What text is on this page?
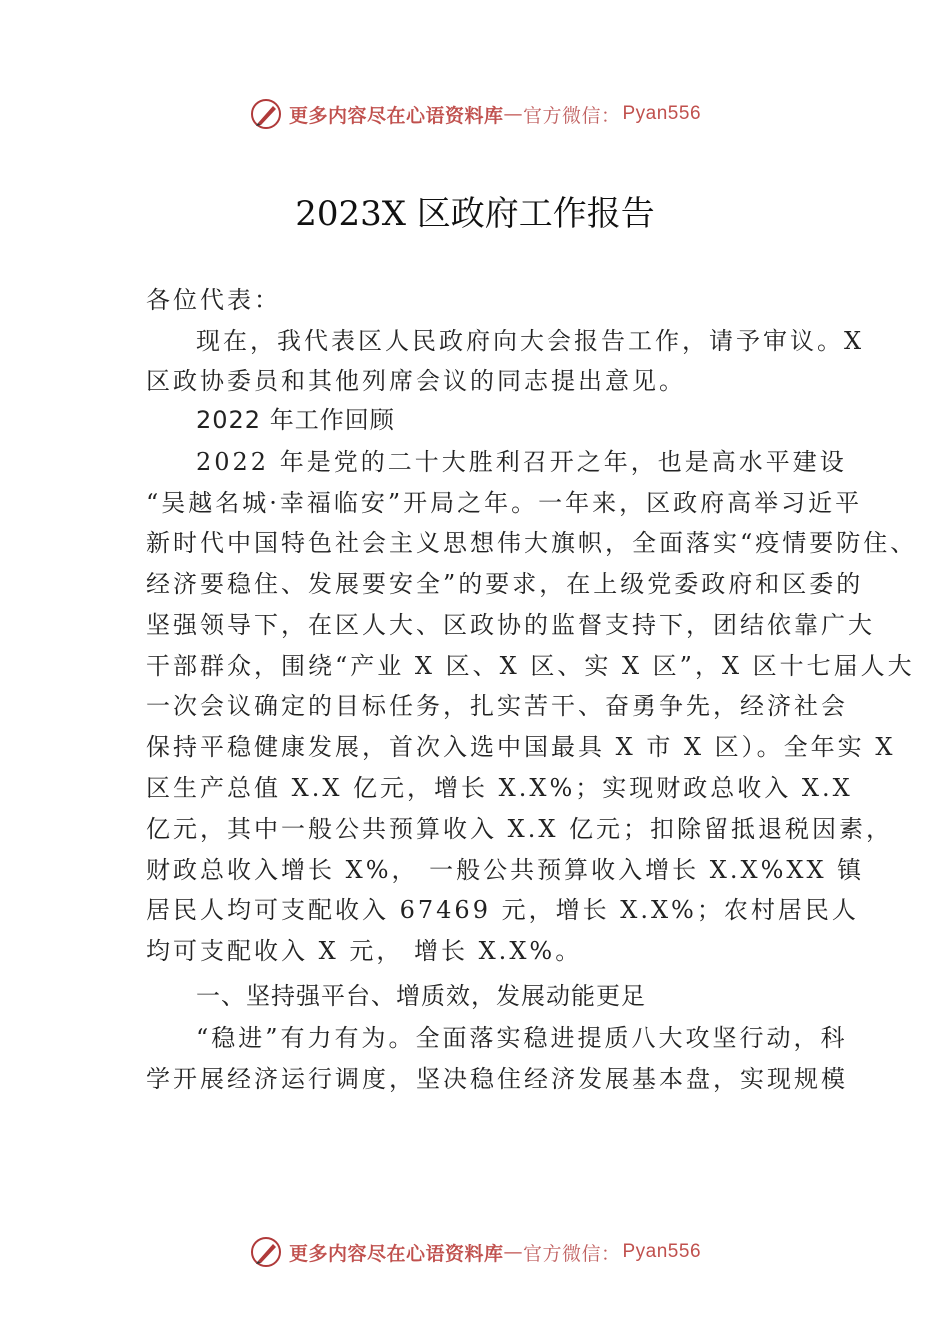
更多内容尽在心语资料库 — 官方微信： Pyan556
2023X 区政府工作报告
各位代表：
现在，我代表区人民政府向大会报告工作，请予审议。X
区政协委员和其他列席会议的同志提出意见。
2022 年工作回顾
2022 年是党的二十大胜利召开之年，也是高水平建设
“吴越名城·幸福临安”开局之年。一年来，区政府高举习近平
新时代中国特色社会主义思想伟大旗帜，全面落实“疫情要防住、
经济要稳住、发展要安全”的要求，在上级党委政府和区委的
坚强领导下，在区人大、区政协的监督支持下，团结依靠广大
干部群众，围绕“产业 X 区、X 区、实 X 区”，X 区十七届人大
一次会议确定的目标任务，扎实苦干、奋勇争先，经济社会
保持平稳健康发展，首次入选中国最具 X 市 X 区）。全年实 X
区生产总值 X.X 亿元，增长 X.X%；实现财政总收入 X.X
亿元，其中一般公共预算收入 X.X 亿元；扣除留抵退税因素，
财政总收入增长 X%， 一般公共预算收入增长 X.X%XX 镇
居民人均可支配收入 67469 元，增长 X.X%；农村居民人
均可支配收入 X 元， 增长 X.X%。
一、坚持强平台、增质效，发展动能更足
“稳进”有力有为。全面落实稳进提质八大攻坚行动，科
学开展经济运行调度，坚决稳住经济发展基本盘，实现规模
更多内容尽在心语资料库 — 官方微信： Pyan556
